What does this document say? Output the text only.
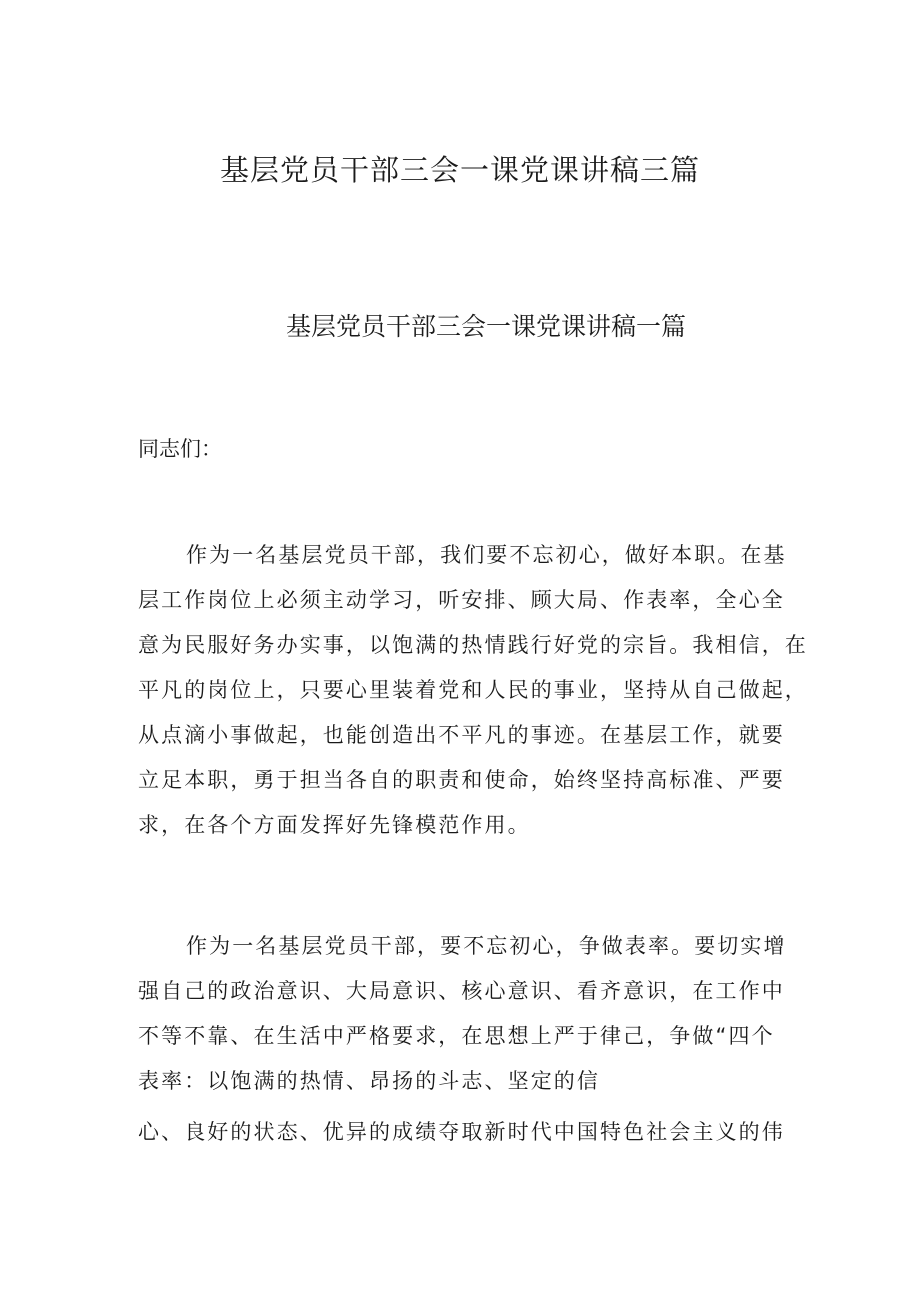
基层党员干部三会一课党课讲稿三篇
基层党员干部三会一课党课讲稿一篇

同志们：

作为一名基层党员干部，我们要不忘初心，做好本职。在基

层工作岗位上必须主动学习，听安排、顾大局、作表率，全心全

意为民服好务办实事，以饱满的热情践行好党的宗旨。我相信，在

平凡的岗位上，只要心里装着党和人民的事业，坚持从自己做起，

从点滴小事做起，也能创造出不平凡的事迹。在基层工作，就要

立足本职，勇于担当各自的职责和使命，始终坚持高标准、严要

求，在各个方面发挥好先锋模范作用。

作为一名基层党员干部，要不忘初心，争做表率。要切实增

强自己的政治意识、大局意识、核心意识、看齐意识，在工作中

不等不靠、在生活中严格要求，在思想上严于律己，争做“四个

表率：以饱满的热情、昂扬的斗志、坚定的信

心、良好的状态、优异的成绩夺取新时代中国特色社会主义的伟
